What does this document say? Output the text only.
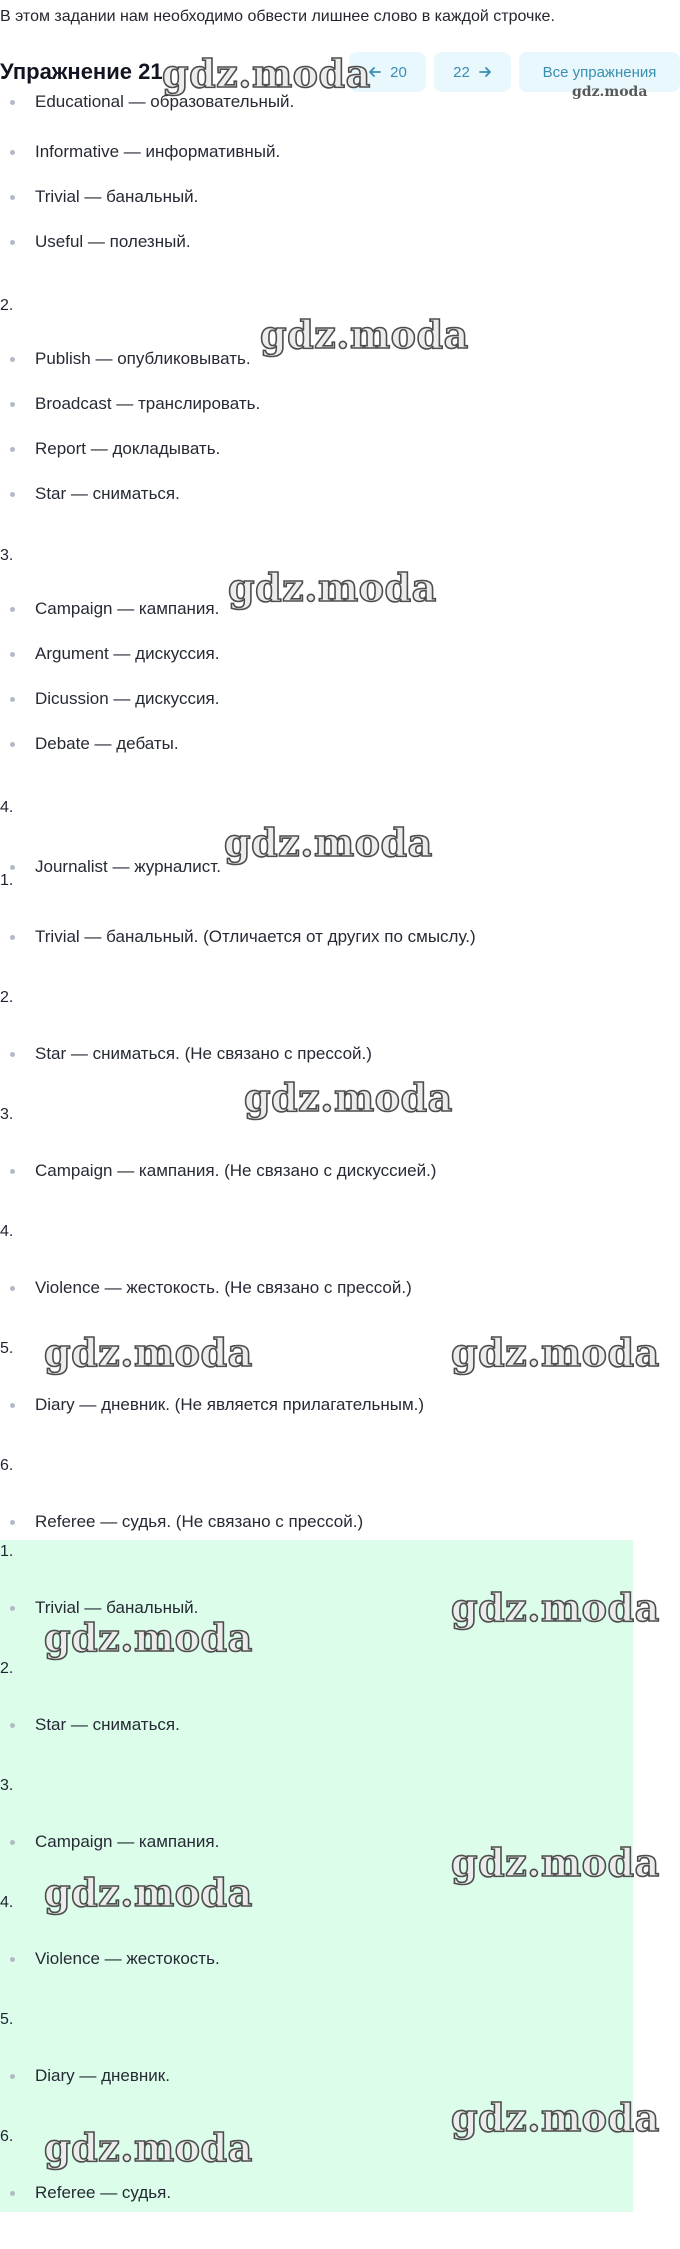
В этом задании нам необходимо обвести лишнее слово в каждой строчке.
Educational — образовательный.
Informative — информативный.
Trivial — банальный.
Useful — полезный.
2.
Publish — опубликовывать.
Broadcast — транслировать.
Report — докладывать.
Star — сниматься.
3.
Campaign — кампания.
Argument — дискуссия.
Dicussion — дискуссия.
Debate — дебаты.
4.
Journalist — журналист.
Упражнение 21	20	22	Все упражнения
gdz.moda
1.
Trivial — банальный. (Отличается от других по смыслу.)
2.
Star — сниматься. (Не связано с прессой.)
3.
Campaign — кампания. (Не связано с дискуссией.)
4.
Violence — жестокость. (Не связано с прессой.)
5.
Diary — дневник. (Не является прилагательным.)
6.
Referee — судья. (Не связано с прессой.)
1.
Trivial — банальный.
2.
Star — сниматься.
3.
Campaign — кампания.
4.
Violence — жестокость.
5.
Diary — дневник.
6.
Referee — судья.
gdz.moda
gdz.moda
gdz.moda
gdz.moda
gdz.moda
gdz.moda	gdz.moda
gdz.moda
gdz.moda
gdz.moda
gdz.moda
gdz.moda
gdz.moda
